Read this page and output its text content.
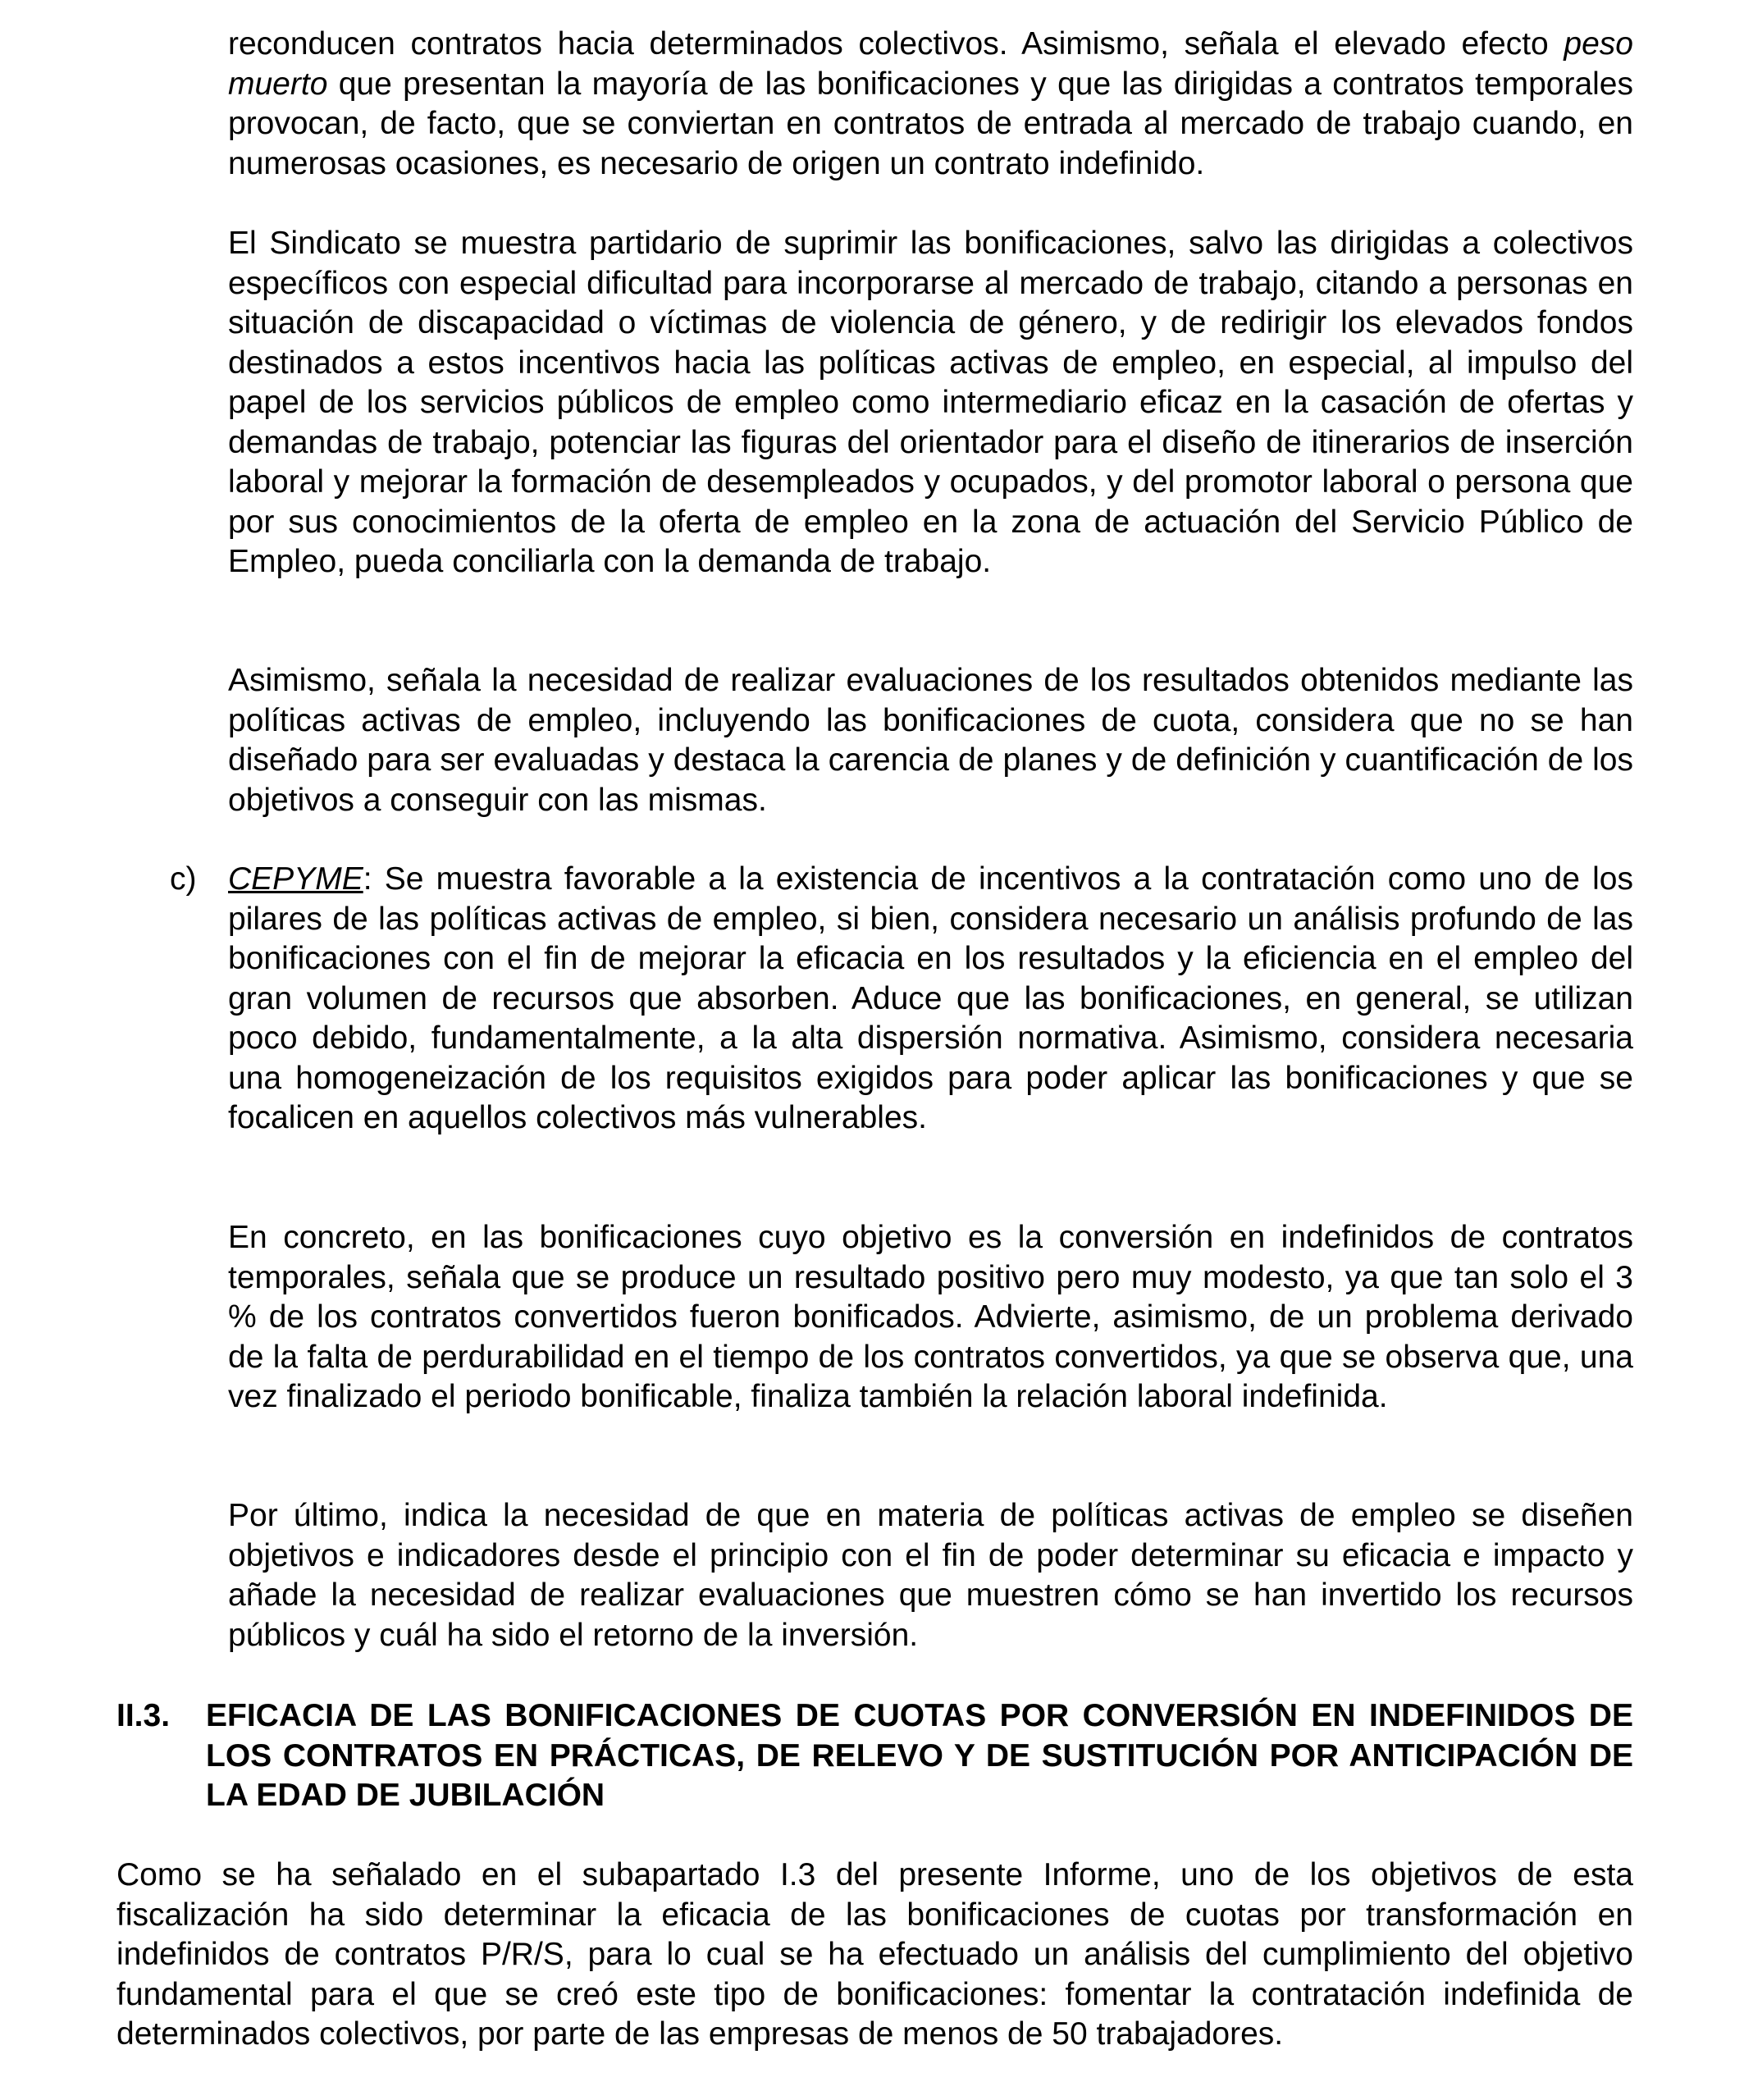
reconducen contratos hacia determinados colectivos. Asimismo, señala el elevado efecto peso muerto que presentan la mayoría de las bonificaciones y que las dirigidas a contratos temporales provocan, de facto, que se conviertan en contratos de entrada al mercado de trabajo cuando, en numerosas ocasiones, es necesario de origen un contrato indefinido.

El Sindicato se muestra partidario de suprimir las bonificaciones, salvo las dirigidas a colectivos específicos con especial dificultad para incorporarse al mercado de trabajo, citando a personas en situación de discapacidad o víctimas de violencia de género, y de redirigir los elevados fondos destinados a estos incentivos hacia las políticas activas de empleo, en especial, al impulso del papel de los servicios públicos de empleo como intermediario eficaz en la casación de ofertas y demandas de trabajo, potenciar las figuras del orientador para el diseño de itinerarios de inserción laboral y mejorar la formación de desempleados y ocupados, y del promotor laboral o persona que por sus conocimientos de la oferta de empleo en la zona de actuación del Servicio Público de Empleo, pueda conciliarla con la demanda de trabajo.

Asimismo, señala la necesidad de realizar evaluaciones de los resultados obtenidos mediante las políticas activas de empleo, incluyendo las bonificaciones de cuota, considera que no se han diseñado para ser evaluadas y destaca la carencia de planes y de definición y cuantificación de los objetivos a conseguir con las mismas.

c) CEPYME: Se muestra favorable a la existencia de incentivos a la contratación como uno de los pilares de las políticas activas de empleo, si bien, considera necesario un análisis profundo de las bonificaciones con el fin de mejorar la eficacia en los resultados y la eficiencia en el empleo del gran volumen de recursos que absorben. Aduce que las bonificaciones, en general, se utilizan poco debido, fundamentalmente, a la alta dispersión normativa. Asimismo, considera necesaria una homogeneización de los requisitos exigidos para poder aplicar las bonificaciones y que se focalicen en aquellos colectivos más vulnerables.

En concreto, en las bonificaciones cuyo objetivo es la conversión en indefinidos de contratos temporales, señala que se produce un resultado positivo pero muy modesto, ya que tan solo el 3 % de los contratos convertidos fueron bonificados. Advierte, asimismo, de un problema derivado de la falta de perdurabilidad en el tiempo de los contratos convertidos, ya que se observa que, una vez finalizado el periodo bonificable, finaliza también la relación laboral indefinida.

Por último, indica la necesidad de que en materia de políticas activas de empleo se diseñen objetivos e indicadores desde el principio con el fin de poder determinar su eficacia e impacto y añade la necesidad de realizar evaluaciones que muestren cómo se han invertido los recursos públicos y cuál ha sido el retorno de la inversión.

II.3. EFICACIA DE LAS BONIFICACIONES DE CUOTAS POR CONVERSIÓN EN INDEFINIDOS DE LOS CONTRATOS EN PRÁCTICAS, DE RELEVO Y DE SUSTITUCIÓN POR ANTICIPACIÓN DE LA EDAD DE JUBILACIÓN

Como se ha señalado en el subapartado I.3 del presente Informe, uno de los objetivos de esta fiscalización ha sido determinar la eficacia de las bonificaciones de cuotas por transformación en indefinidos de contratos P/R/S, para lo cual se ha efectuado un análisis del cumplimiento del objetivo fundamental para el que se creó este tipo de bonificaciones: fomentar la contratación indefinida de determinados colectivos, por parte de las empresas de menos de 50 trabajadores.
